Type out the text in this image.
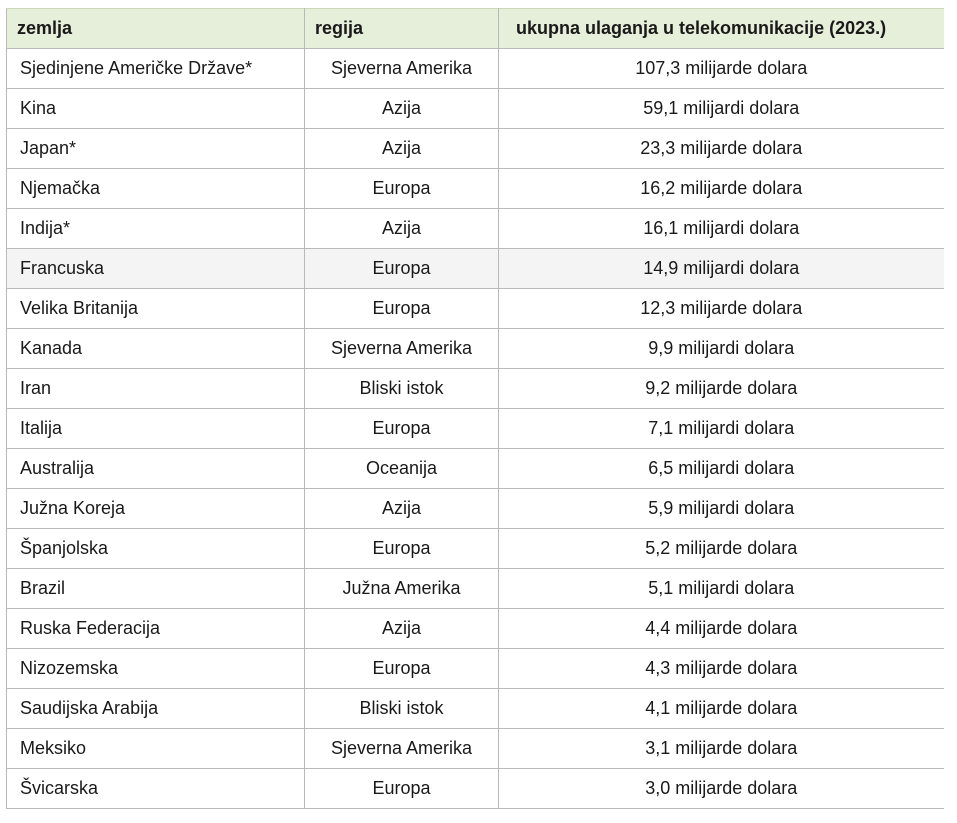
zemlja	regija	ukupna ulaganja u telekomunikacije (2023.)
Sjedinjene Američke Države*	Sjeverna Amerika	107,3 milijarde dolara
Kina	Azija	59,1 milijardi dolara
Japan*	Azija	23,3 milijarde dolara
Njemačka	Europa	16,2 milijarde dolara
Indija*	Azija	16,1 milijardi dolara
Francuska	Europa	14,9 milijardi dolara
Velika Britanija	Europa	12,3 milijarde dolara
Kanada	Sjeverna Amerika	9,9 milijardi dolara
Iran	Bliski istok	9,2 milijarde dolara
Italija	Europa	7,1 milijardi dolara
Australija	Oceanija	6,5 milijardi dolara
Južna Koreja	Azija	5,9 milijardi dolara
Španjolska	Europa	5,2 milijarde dolara
Brazil	Južna Amerika	5,1 milijardi dolara
Ruska Federacija	Azija	4,4 milijarde dolara
Nizozemska	Europa	4,3 milijarde dolara
Saudijska Arabija	Bliski istok	4,1 milijarde dolara
Meksiko	Sjeverna Amerika	3,1 milijarde dolara
Švicarska	Europa	3,0 milijarde dolara
